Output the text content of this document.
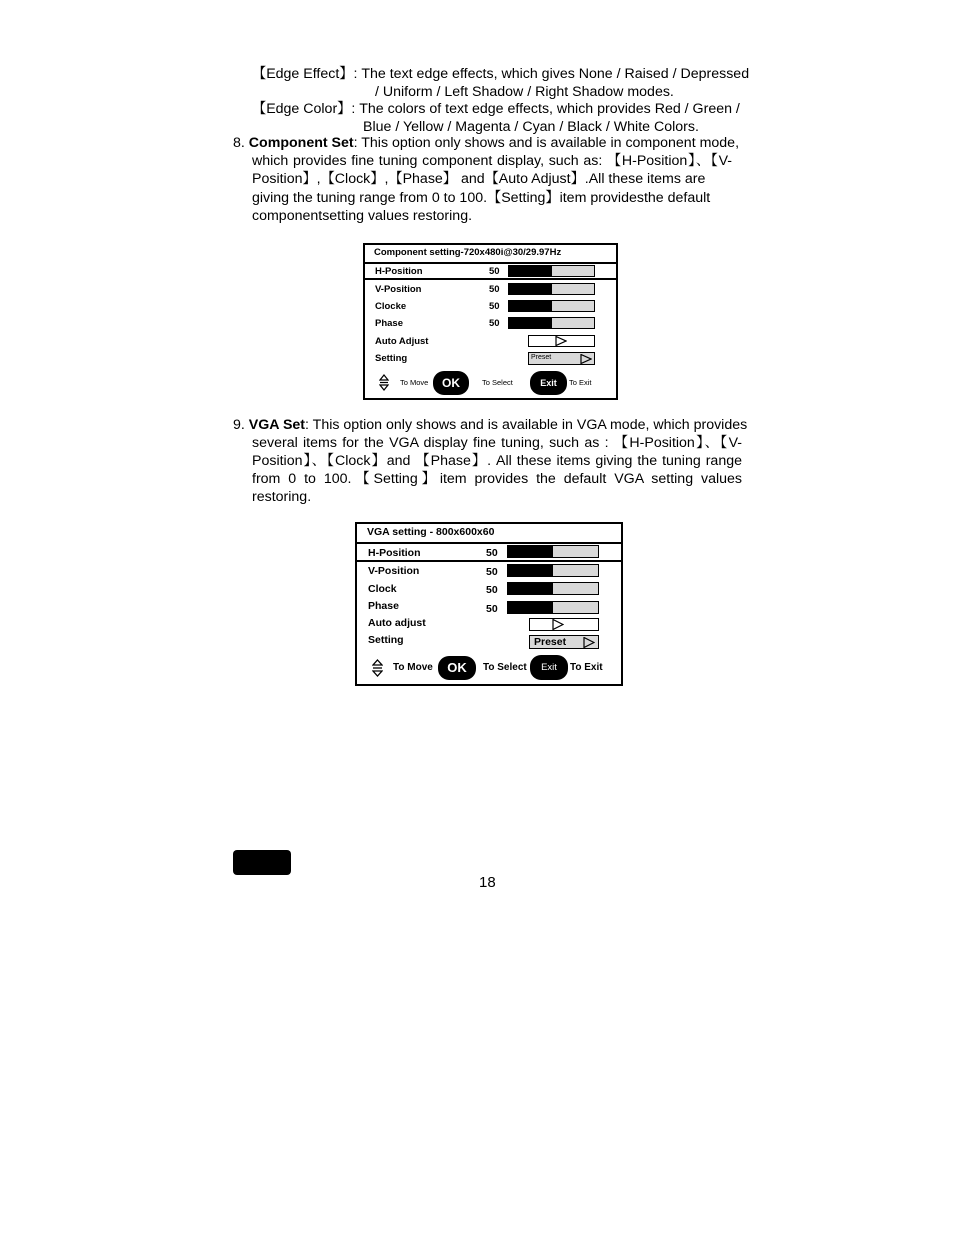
【Edge Effect】: The text edge effects, which gives None / Raised / Depressed
/ Uniform / Left Shadow / Right Shadow modes.
【Edge Color】: The colors of text edge effects, which provides Red / Green /
Blue / Yellow / Magenta / Cyan / Black / White Colors.
8. Component Set: This option only shows and is available in component mode,
which provides fine tuning component display, such as: 【H-Position】、【V-
Position】,【Clock】,【Phase】 and【Auto Adjust】.All these items are
giving the tuning range from 0 to 100.【Setting】item providesthe default
componentsetting values restoring.
Component setting-720x480i@30/29.97Hz
H-Position	50
V-Position	50
Clocke	50
Phase	50
Auto Adjust
Setting	Preset
To Move	OK	To Select	Exit	To Exit
9. VGA Set: This option only shows and is available in VGA mode, which provides
several items for the VGA display fine tuning, such as : 【H-Position】、【V-
Position】、【Clock】and 【Phase】. All these items giving the tuning range
from 0 to 100.【Setting】item provides the default VGA setting values
restoring.
VGA setting - 800x600x60
H-Position	50
V-Position	50
Clock	50
Phase	50
Auto adjust
Setting	Preset
To Move	OK	To Select	Exit	To Exit
18
